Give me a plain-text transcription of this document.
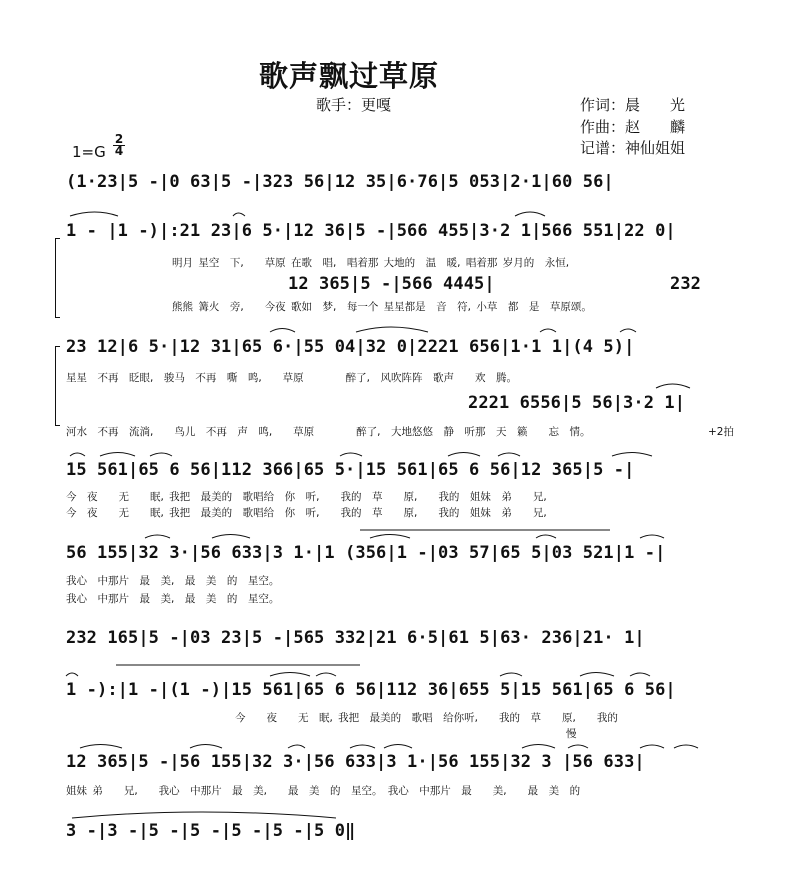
歌声飘过草原
歌手：更嘎	作词：晨　　光
作曲：赵　　麟
记谱：神仙姐姐
1=G
2
4
(1·23|5 -|0 63|5 -|323 56|12 35|6·76|5 053|2·1|60 56|
1 - |1 -)|:21 23|6 5·|12 36|5 -|566 455|3·2 1|566 551|22 0|
明月 星空　下,　　草原 在歌　唱,　唱着那 大地的　温　暖, 唱着那 岁月的　永恒,
12 365|5 -|566 4445|	232
熊熊 篝火　旁,　　今夜 歌如　梦,　每一个 星星都是　音　符, 小草　都　是　草原颂。
23 12|6 5·|12 31|65 6·|55 04|32 0|2221 656|1·1 1|(4 5)|
星星　不再　眨眼,　骏马　不再　嘶　鸣,　　草原　　　　醉了,　风吹阵阵　歌声　　欢　腾。
2221 6556|5 56|3·2 1|
河水　不再　流淌,　　鸟儿　不再　声　鸣,　　草原　　　　醉了,　大地悠悠　静　听那　天　籁　　忘　情。	+2拍
15 561|65 6 56|112 366|65 5·|15 561|65 6 56|12 365|5 -|
今　夜　　无　　眠, 我把　最美的　歌唱给　你　听,　　我的　草　　原,　　我的　姐妹　弟　　兄,
今　夜　　无　　眠, 我把　最美的　歌唱给　你　听,　　我的　草　　原,　　我的　姐妹　弟　　兄,
56 155|32 3·|56 633|3 1·|1 (356|1 -|03 57|65 5|03 521|1 -|
我心　中那片　最　美,　最　美　的　星空。
我心　中那片　最　美,　最　美　的　星空。
232 165|5 -|03 23|5 -|565 332|21 6·5|61 5|63· 236|21· 1|
1 -):|1 -|(1 -)|15 561|65 6 56|112 36|655 5|15 561|65 6 56|
今　　夜　　无　眠, 我把　最美的　歌唱　给你听,　　我的　草　　原,　　我的
慢
12 365|5 -|56 155|32 3·|56 633|3 1·|56 155|32 3 |56 633|
姐妹 弟　　兄,　　我心　中那片　最　美,　　最　美　的　星空。　我心　中那片　最　　美,　　最　美　的
3 -|3 -|5 -|5 -|5 -|5 -|5 0‖
